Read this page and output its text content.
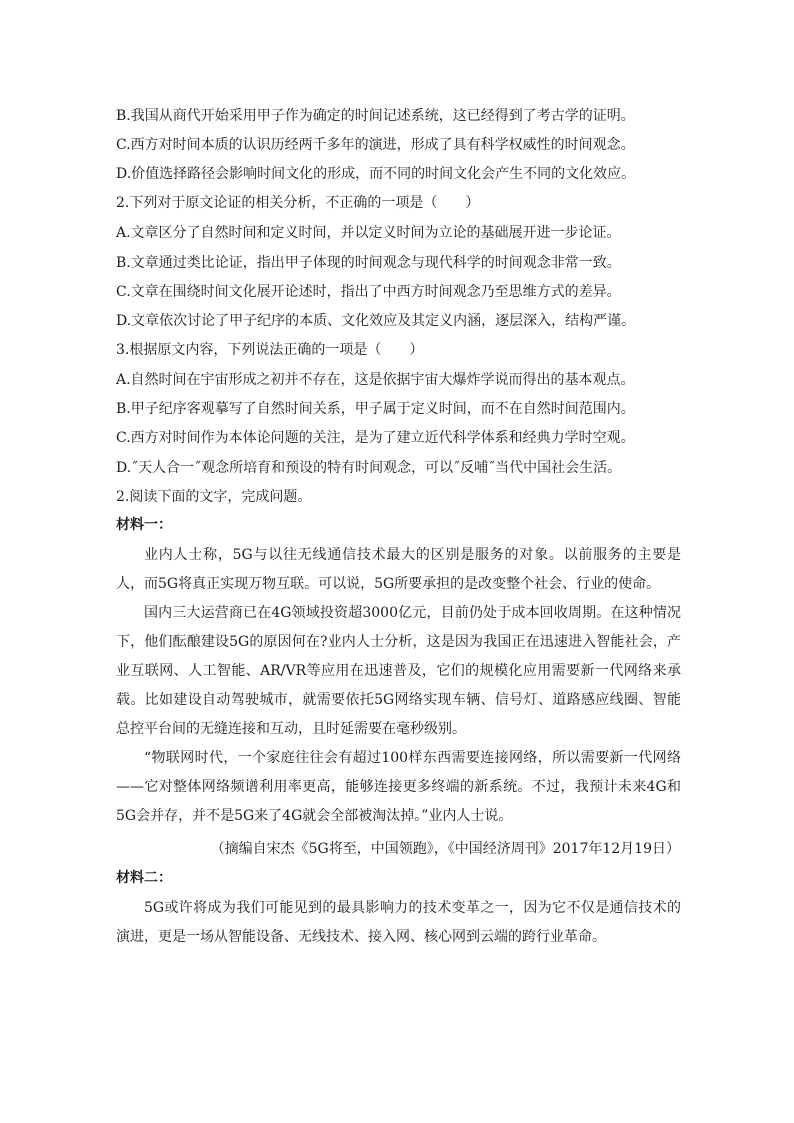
B.我国从商代开始采用甲子作为确定的时间记述系统，这已经得到了考古学的证明。
C.西方对时间本质的认识历经两千多年的演进，形成了具有科学权威性的时间观念。
D.价值选择路径会影响时间文化的形成，而不同的时间文化会产生不同的文化效应。
2.下列对于原文论证的相关分析，不正确的一项是（　　）
A.文章区分了自然时间和定义时间，并以定义时间为立论的基础展开进一步论证。
B.文章通过类比论证，指出甲子体现的时间观念与现代科学的时间观念非常一致。
C.文章在围绕时间文化展开论述时，指出了中西方时间观念乃至思维方式的差异。
D.文章依次讨论了甲子纪序的本质、文化效应及其定义内涵，逐层深入，结构严谨。
3.根据原文内容，下列说法正确的一项是（　　）
A.自然时间在宇宙形成之初并不存在，这是依据宇宙大爆炸学说而得出的基本观点。
B.甲子纪序客观摹写了自然时间关系，甲子属于定义时间，而不在自然时间范围内。
C.西方对时间作为本体论问题的关注，是为了建立近代科学体系和经典力学时空观。
D.˝天人合一˝观念所培育和预设的特有时间观念，可以˝反哺˝当代中国社会生活。
2.阅读下面的文字，完成问题。
材料一：
业内人士称，5G与以往无线通信技术最大的区别是服务的对象。以前服务的主要是人，而5G将真正实现万物互联。可以说，5G所要承担的是改变整个社会、行业的使命。
国内三大运营商已在4G领域投资超3000亿元，目前仍处于成本回收周期。在这种情况下，他们酝酿建设5G的原因何在?业内人士分析，这是因为我国正在迅速进入智能社会，产业互联网、人工智能、AR/VR等应用在迅速普及，它们的规模化应用需要新一代网络来承载。比如建设自动驾驶城市，就需要依托5G网络实现车辆、信号灯、道路感应线圈、智能总控平台间的无缝连接和互动，且时延需要在毫秒级别。
“物联网时代，一个家庭往往会有超过100样东西需要连接网络，所以需要新一代网络——它对整体网络频谱利用率更高，能够连接更多终端的新系统。不过，我预计未来4G和5G会并存，并不是5G来了4G就会全部被淘汰掉。”业内人士说。
（摘编自宋杰《5G将至，中国领跑》，《中国经济周刊》2017年12月19日）
材料二：
5G或许将成为我们可能见到的最具影响力的技术变革之一，因为它不仅是通信技术的演进，更是一场从智能设备、无线技术、接入网、核心网到云端的跨行业革命。
